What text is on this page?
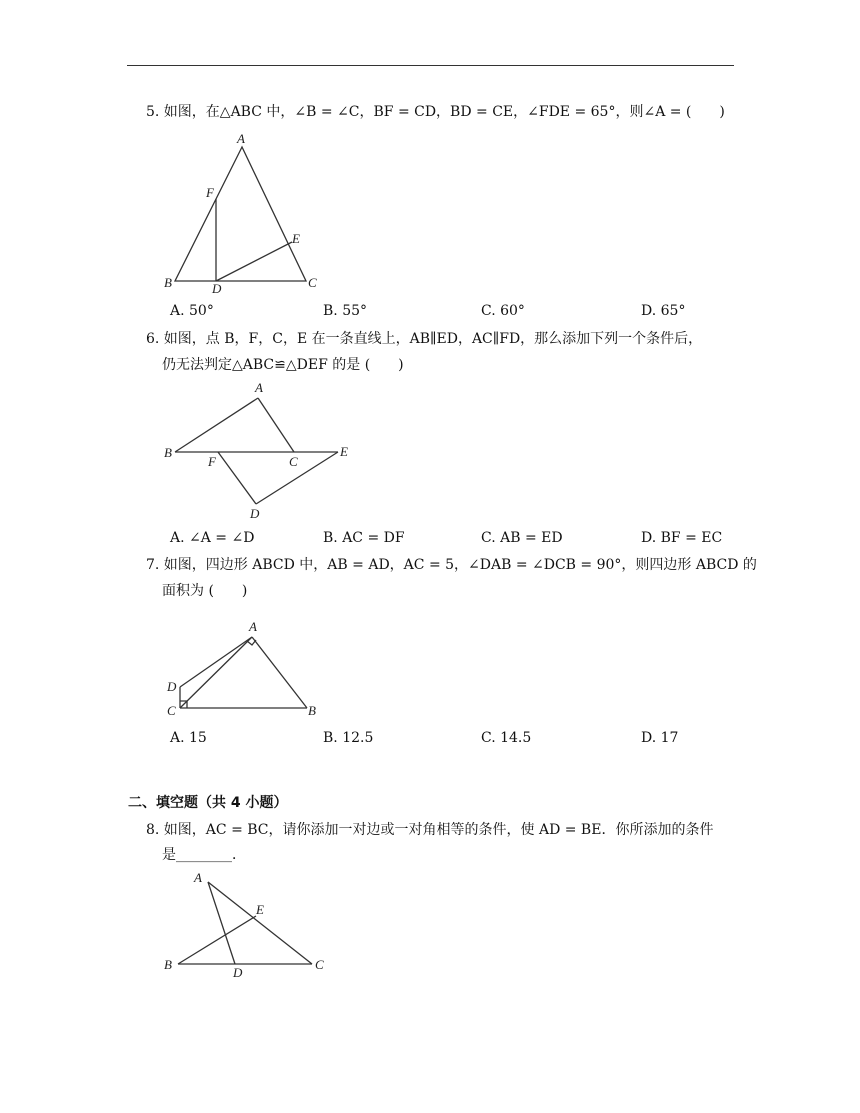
5. 如图，在△ABC 中，∠B = ∠C，BF = CD，BD = CE，∠FDE = 65°，则∠A = (　　)
A
F
E
B	D	C
A. 50°	B. 55°	C. 60°	D. 65°
6. 如图，点 B，F，C，E 在一条直线上，AB∥ED，AC∥FD，那么添加下列一个条件后，
仍无法判定△ABC≌△DEF 的是 (　　)
A
B
F	C
E
D
A. ∠A = ∠D	B. AC = DF	C. AB = ED	D. BF = EC
7. 如图，四边形 ABCD 中，AB = AD，AC = 5，∠DAB = ∠DCB = 90°，则四边形 ABCD 的
面积为 (　　)
A
D
C	B
A. 15	B. 12.5	C. 14.5	D. 17
二、填空题（共 4 小题）
8. 如图，AC = BC，请你添加一对边或一对角相等的条件，使 AD = BE．你所添加的条件
是________．
A
E
B
D
C
